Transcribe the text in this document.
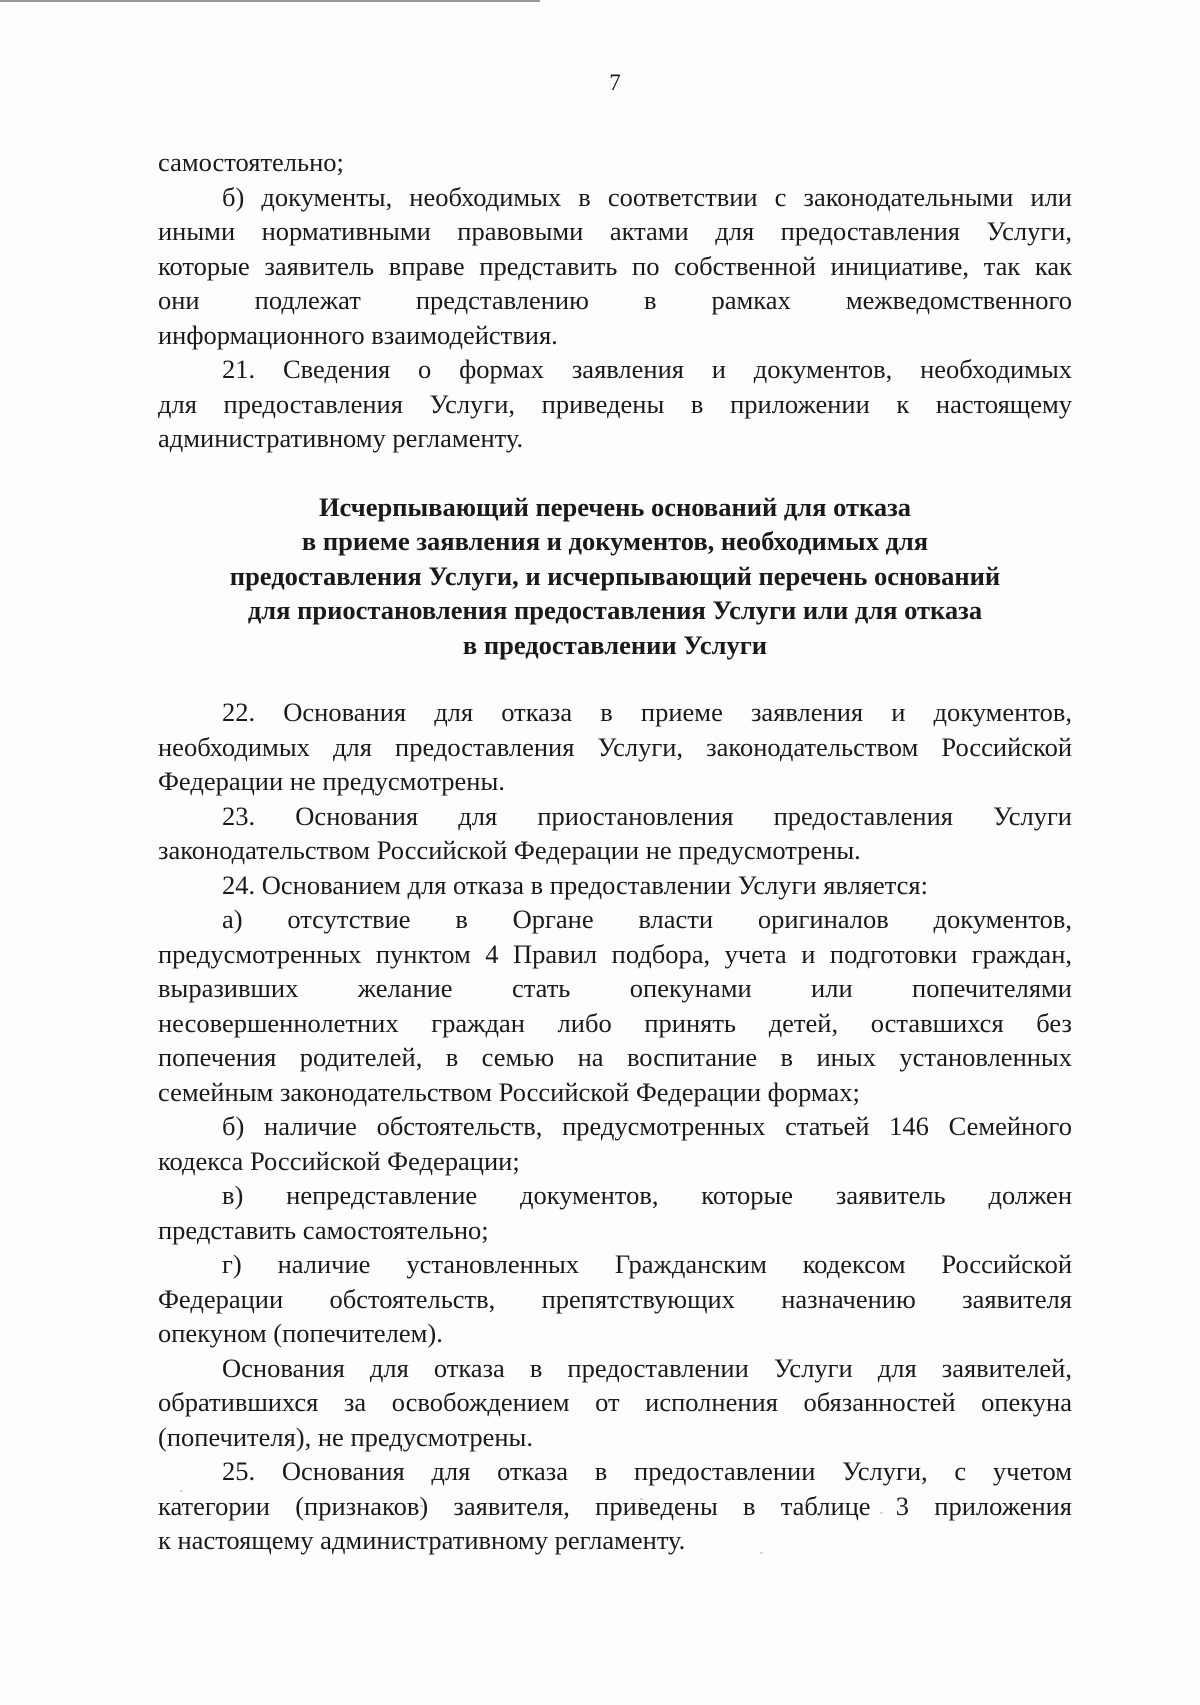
7

самостоятельно;

б) документы, необходимых в соответствии с законодательными или
иными нормативными правовыми актами для предоставления Услуги,
которые заявитель вправе представить по собственной инициативе, так как
они подлежат представлению в рамках межведомственного
информационного взаимодействия.

21. Сведения о формах заявления и документов, необходимых
для предоставления Услуги, приведены в приложении к настоящему
административному регламенту.

Исчерпывающий перечень оснований для отказа
в приеме заявления и документов, необходимых для
предоставления Услуги, и исчерпывающий перечень оснований
для приостановления предоставления Услуги или для отказа
в предоставлении Услуги

22. Основания для отказа в приеме заявления и документов,
необходимых для предоставления Услуги, законодательством Российской
Федерации не предусмотрены.

23. Основания для приостановления предоставления Услуги
законодательством Российской Федерации не предусмотрены.

24. Основанием для отказа в предоставлении Услуги является:

а) отсутствие в Органе власти оригиналов документов,
предусмотренных пунктом 4 Правил подбора, учета и подготовки граждан,
выразивших желание стать опекунами или попечителями
несовершеннолетних граждан либо принять детей, оставшихся без
попечения родителей, в семью на воспитание в иных установленных
семейным законодательством Российской Федерации формах;

б) наличие обстоятельств, предусмотренных статьей 146 Семейного
кодекса Российской Федерации;

в) непредставление документов, которые заявитель должен
представить самостоятельно;

г) наличие установленных Гражданским кодексом Российской
Федерации обстоятельств, препятствующих назначению заявителя
опекуном (попечителем).

Основания для отказа в предоставлении Услуги для заявителей,
обратившихся за освобождением от исполнения обязанностей опекуна
(попечителя), не предусмотрены.

25. Основания для отказа в предоставлении Услуги, с учетом
категории (признаков) заявителя, приведены в таблице 3 приложения
к настоящему административному регламенту.
